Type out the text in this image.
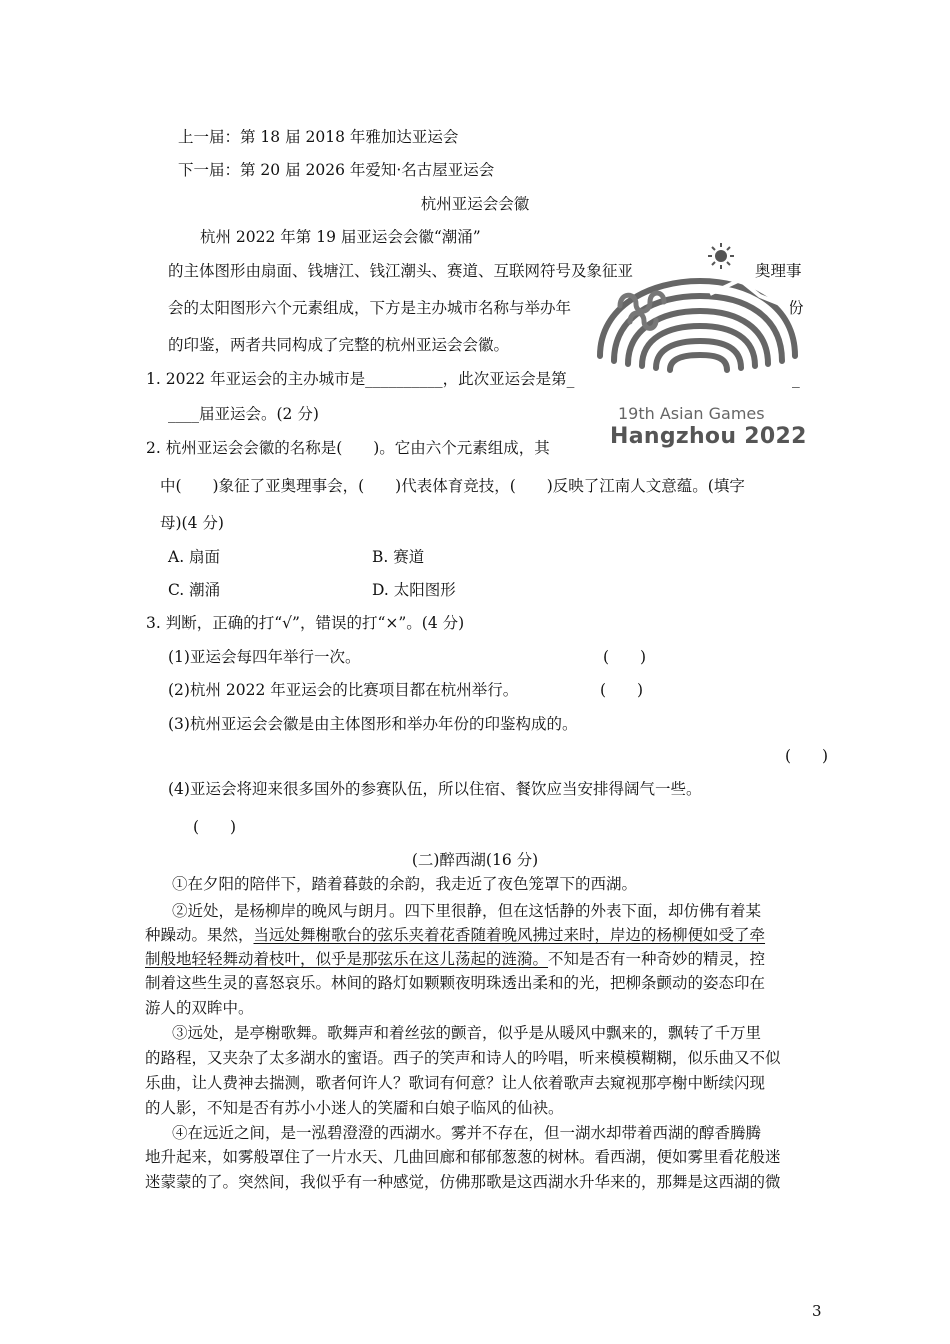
上一届：第 18 届 2018 年雅加达亚运会
下一届：第 20 届 2026 年爱知·名古屋亚运会
杭州亚运会会徽
杭州 2022 年第 19 届亚运会会徽“潮涌”
的主体图形由扇面、钱塘江、钱江潮头、赛道、互联网符号及象征亚	奥理事
会的太阳图形六个元素组成，下方是主办城市名称与举办年	份
的印鉴，两者共同构成了完整的杭州亚运会会徽。
19th Asian Games
Hangzhou 2022
1. 2022 年亚运会的主办城市是__________，此次亚运会是第_	_
____届亚运会。(2 分)
2. 杭州亚运会会徽的名称是(　　)。它由六个元素组成，其
中(　　)象征了亚奥理事会，(　　)代表体育竞技，(　　)反映了江南人文意蕴。(填字
母)(4 分)
A. 扇面	B. 赛道
C. 潮涌	D. 太阳图形
3. 判断，正确的打“√”，错误的打“×”。(4 分)
(1)亚运会每四年举行一次。	(　　)
(2)杭州 2022 年亚运会的比赛项目都在杭州举行。	(　　)
(3)杭州亚运会会徽是由主体图形和举办年份的印鉴构成的。
(　　)
(4)亚运会将迎来很多国外的参赛队伍，所以住宿、餐饮应当安排得阔气一些。
(　　)
(二)醉西湖(16 分)
①在夕阳的陪伴下，踏着暮鼓的余韵，我走近了夜色笼罩下的西湖。
②近处，是杨柳岸的晚风与朗月。四下里很静，但在这恬静的外表下面，却仿佛有着某
种躁动。果然，当远处舞榭歌台的弦乐夹着花香随着晚风拂过来时，岸边的杨柳便如受了牵
制般地轻轻舞动着枝叶，似乎是那弦乐在这儿荡起的涟漪。不知是否有一种奇妙的精灵，控
制着这些生灵的喜怒哀乐。林间的路灯如颗颗夜明珠透出柔和的光，把柳条颤动的姿态印在
游人的双眸中。
③远处，是亭榭歌舞。歌舞声和着丝弦的颤音，似乎是从暖风中飘来的，飘转了千万里
的路程，又夹杂了太多湖水的蜜语。西子的笑声和诗人的吟唱，听来模模糊糊，似乐曲又不似
乐曲，让人费神去揣测，歌者何许人？歌词有何意？让人依着歌声去窥视那亭榭中断续闪现
的人影，不知是否有苏小小迷人的笑靥和白娘子临风的仙袂。
④在远近之间，是一泓碧澄澄的西湖水。雾并不存在，但一湖水却带着西湖的醇香腾腾
地升起来，如雾般罩住了一片水天、几曲回廊和郁郁葱葱的树林。看西湖，便如雾里看花般迷
迷蒙蒙的了。突然间，我似乎有一种感觉，仿佛那歌是这西湖水升华来的，那舞是这西湖的微
3
